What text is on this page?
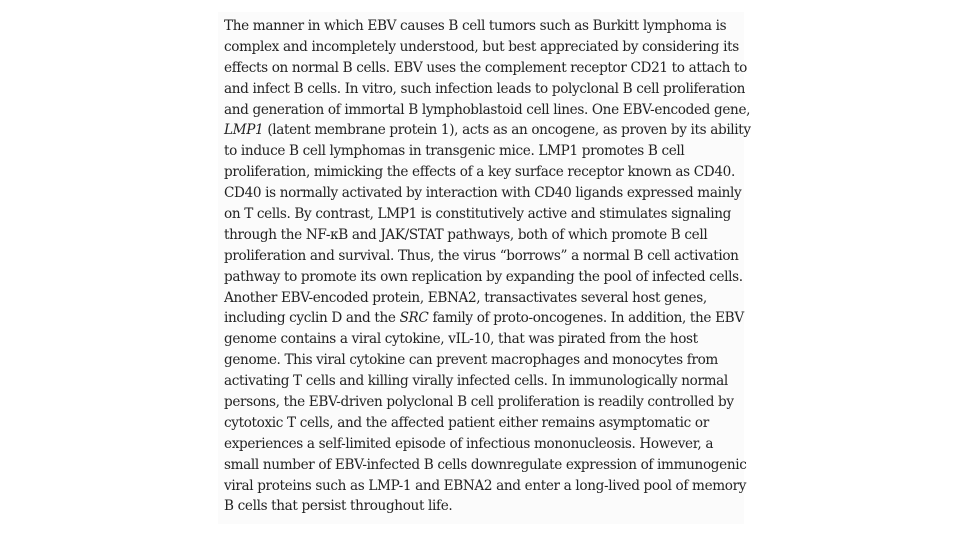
The manner in which EBV causes B cell tumors such as Burkitt lymphoma is
complex and incompletely understood, but best appreciated by considering its
effects on normal B cells. EBV uses the complement receptor CD21 to attach to
and infect B cells. In vitro, such infection leads to polyclonal B cell proliferation
and generation of immortal B lymphoblastoid cell lines. One EBV-encoded gene,
LMP1 (latent membrane protein 1), acts as an oncogene, as proven by its ability
to induce B cell lymphomas in transgenic mice. LMP1 promotes B cell
proliferation, mimicking the effects of a key surface receptor known as CD40.
CD40 is normally activated by interaction with CD40 ligands expressed mainly
on T cells. By contrast, LMP1 is constitutively active and stimulates signaling
through the NF-κB and JAK/STAT pathways, both of which promote B cell
proliferation and survival. Thus, the virus “borrows” a normal B cell activation
pathway to promote its own replication by expanding the pool of infected cells.
Another EBV-encoded protein, EBNA2, transactivates several host genes,
including cyclin D and the SRC family of proto-oncogenes. In addition, the EBV
genome contains a viral cytokine, vIL-10, that was pirated from the host
genome. This viral cytokine can prevent macrophages and monocytes from
activating T cells and killing virally infected cells. In immunologically normal
persons, the EBV-driven polyclonal B cell proliferation is readily controlled by
cytotoxic T cells, and the affected patient either remains asymptomatic or
experiences a self-limited episode of infectious mononucleosis. However, a
small number of EBV-infected B cells downregulate expression of immunogenic
viral proteins such as LMP-1 and EBNA2 and enter a long-lived pool of memory
B cells that persist throughout life.
